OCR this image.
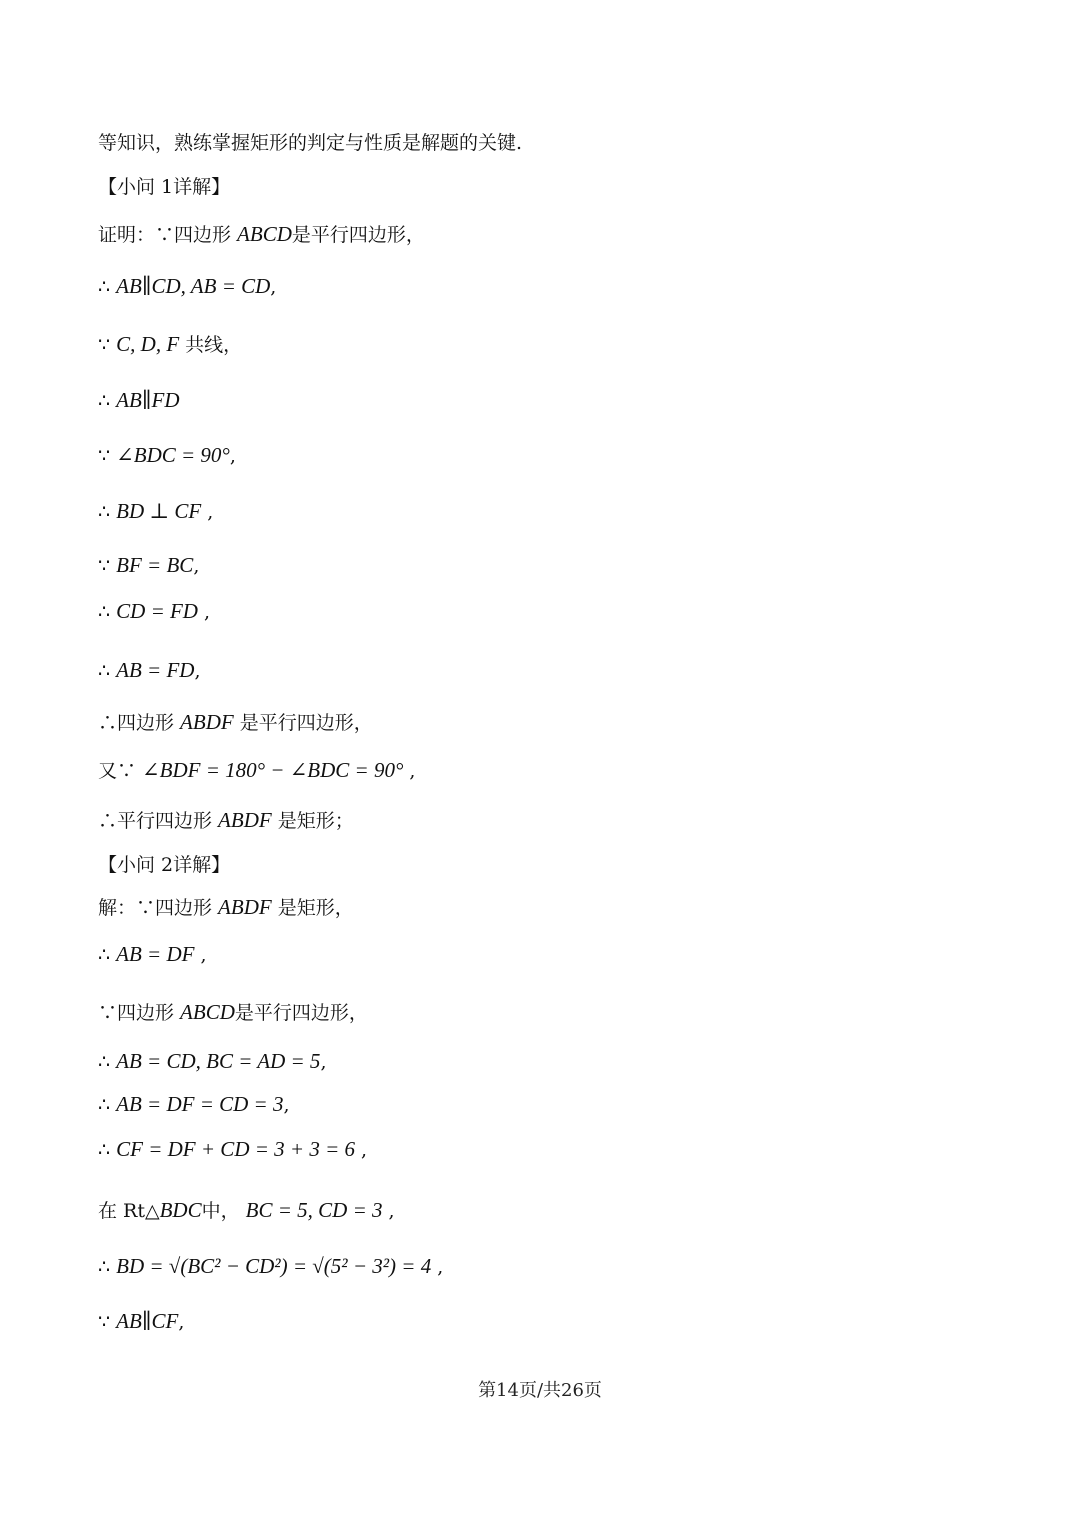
等知识，熟练掌握矩形的判定与性质是解题的关键.
【小问 1详解】
证明：∵四边形 ABCD是平行四边形，
∴ AB∥CD, AB = CD,
∵ C, D, F 共线，
∴ AB∥FD
∵ ∠BDC = 90°,
∴ BD ⊥ CF ,
∵ BF = BC,
∴ CD = FD ,
∴ AB = FD,
∴四边形 ABDF 是平行四边形，
又∵ ∠BDF = 180° − ∠BDC = 90° ,
∴平行四边形 ABDF 是矩形；
【小问 2详解】
解：∵四边形 ABDF 是矩形，
∴ AB = DF ,
∵四边形 ABCD是平行四边形，
∴ AB = CD, BC = AD = 5,
∴ AB = DF = CD = 3,
∴ CF = DF + CD = 3 + 3 = 6 ,
在 Rt△BDC中， BC = 5, CD = 3 ,
∴ BD = √(BC² − CD²) = √(5² − 3²) = 4 ,
∵ AB∥CF,
第14页/共26页
